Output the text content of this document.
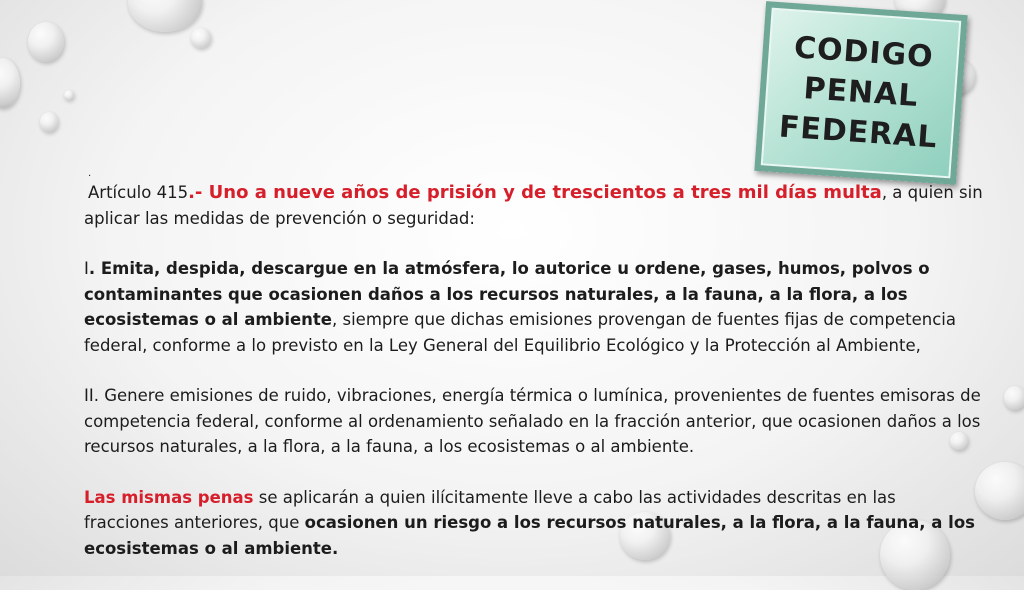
CODIGO
PENAL
FEDERAL
.

Artículo 415.- Uno a nueve años de prisión y de trescientos a tres mil días multa, a quien sin aplicar las medidas de prevención o seguridad:

I. Emita, despida, descargue en la atmósfera, lo autorice u ordene, gases, humos, polvos o contaminantes que ocasionen daños a los recursos naturales, a la fauna, a la flora, a los ecosistemas o al ambiente, siempre que dichas emisiones provengan de fuentes fijas de competencia federal, conforme a lo previsto en la Ley General del Equilibrio Ecológico y la Protección al Ambiente,

II. Genere emisiones de ruido, vibraciones, energía térmica o lumínica, provenientes de fuentes emisoras de competencia federal, conforme al ordenamiento señalado en la fracción anterior, que ocasionen daños a los recursos naturales, a la flora, a la fauna, a los ecosistemas o al ambiente.

Las mismas penas se aplicarán a quien ilícitamente lleve a cabo las actividades descritas en las fracciones anteriores, que ocasionen un riesgo a los recursos naturales, a la flora, a la fauna, a los ecosistemas o al ambiente.
